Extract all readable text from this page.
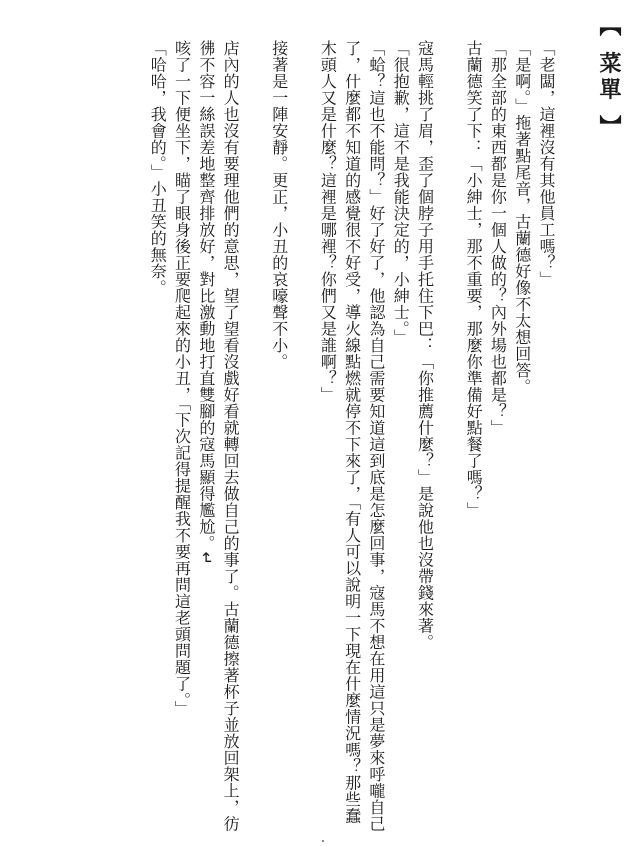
【 菜單 】

「老闆，這裡沒有其他員工嗎？」

「是啊。」拖著點尾音，古蘭德好像不太想回答。

「那全部的東西都是你一個人做的？內外場也都是？」

古蘭德笑了下：「小紳士，那不重要，那麼你準備好點餐了嗎？」

寇馬輕挑了眉，歪了個脖子用手托住下巴：「你推薦什麼？」是說他也沒帶錢來著。

「很抱歉，這不是我能決定的，小紳士。」

「蛤？這也不能問？」好了好了，他認為自己需要知道這到底是怎麼回事，寇馬不想在用這只是夢來呼嚨自己了，什麼都不知道的感覺很不好受，導火線點燃就停不下來了，「有人可以說明一下現在什麼情況嗎？那些蠢木頭人又是什麼？這裡是哪裡？你們又是誰啊？」

接著是一陣安靜。更正，小丑的哀嚎聲不小。

店內的人也沒有要理他們的意思，望了望看沒戲好看就轉回去做自己的事了。古蘭德擦著杯子並放回架上，彷彿不容一絲誤差地整齊排放好，對比激動地打直雙腳的寇馬顯得尷尬。↵

咳了一下便坐下，瞄了眼身後正要爬起來的小丑，「下次記得提醒我不要再問這老頭問題了。」

「哈哈，我會的。」小丑笑的無奈。
